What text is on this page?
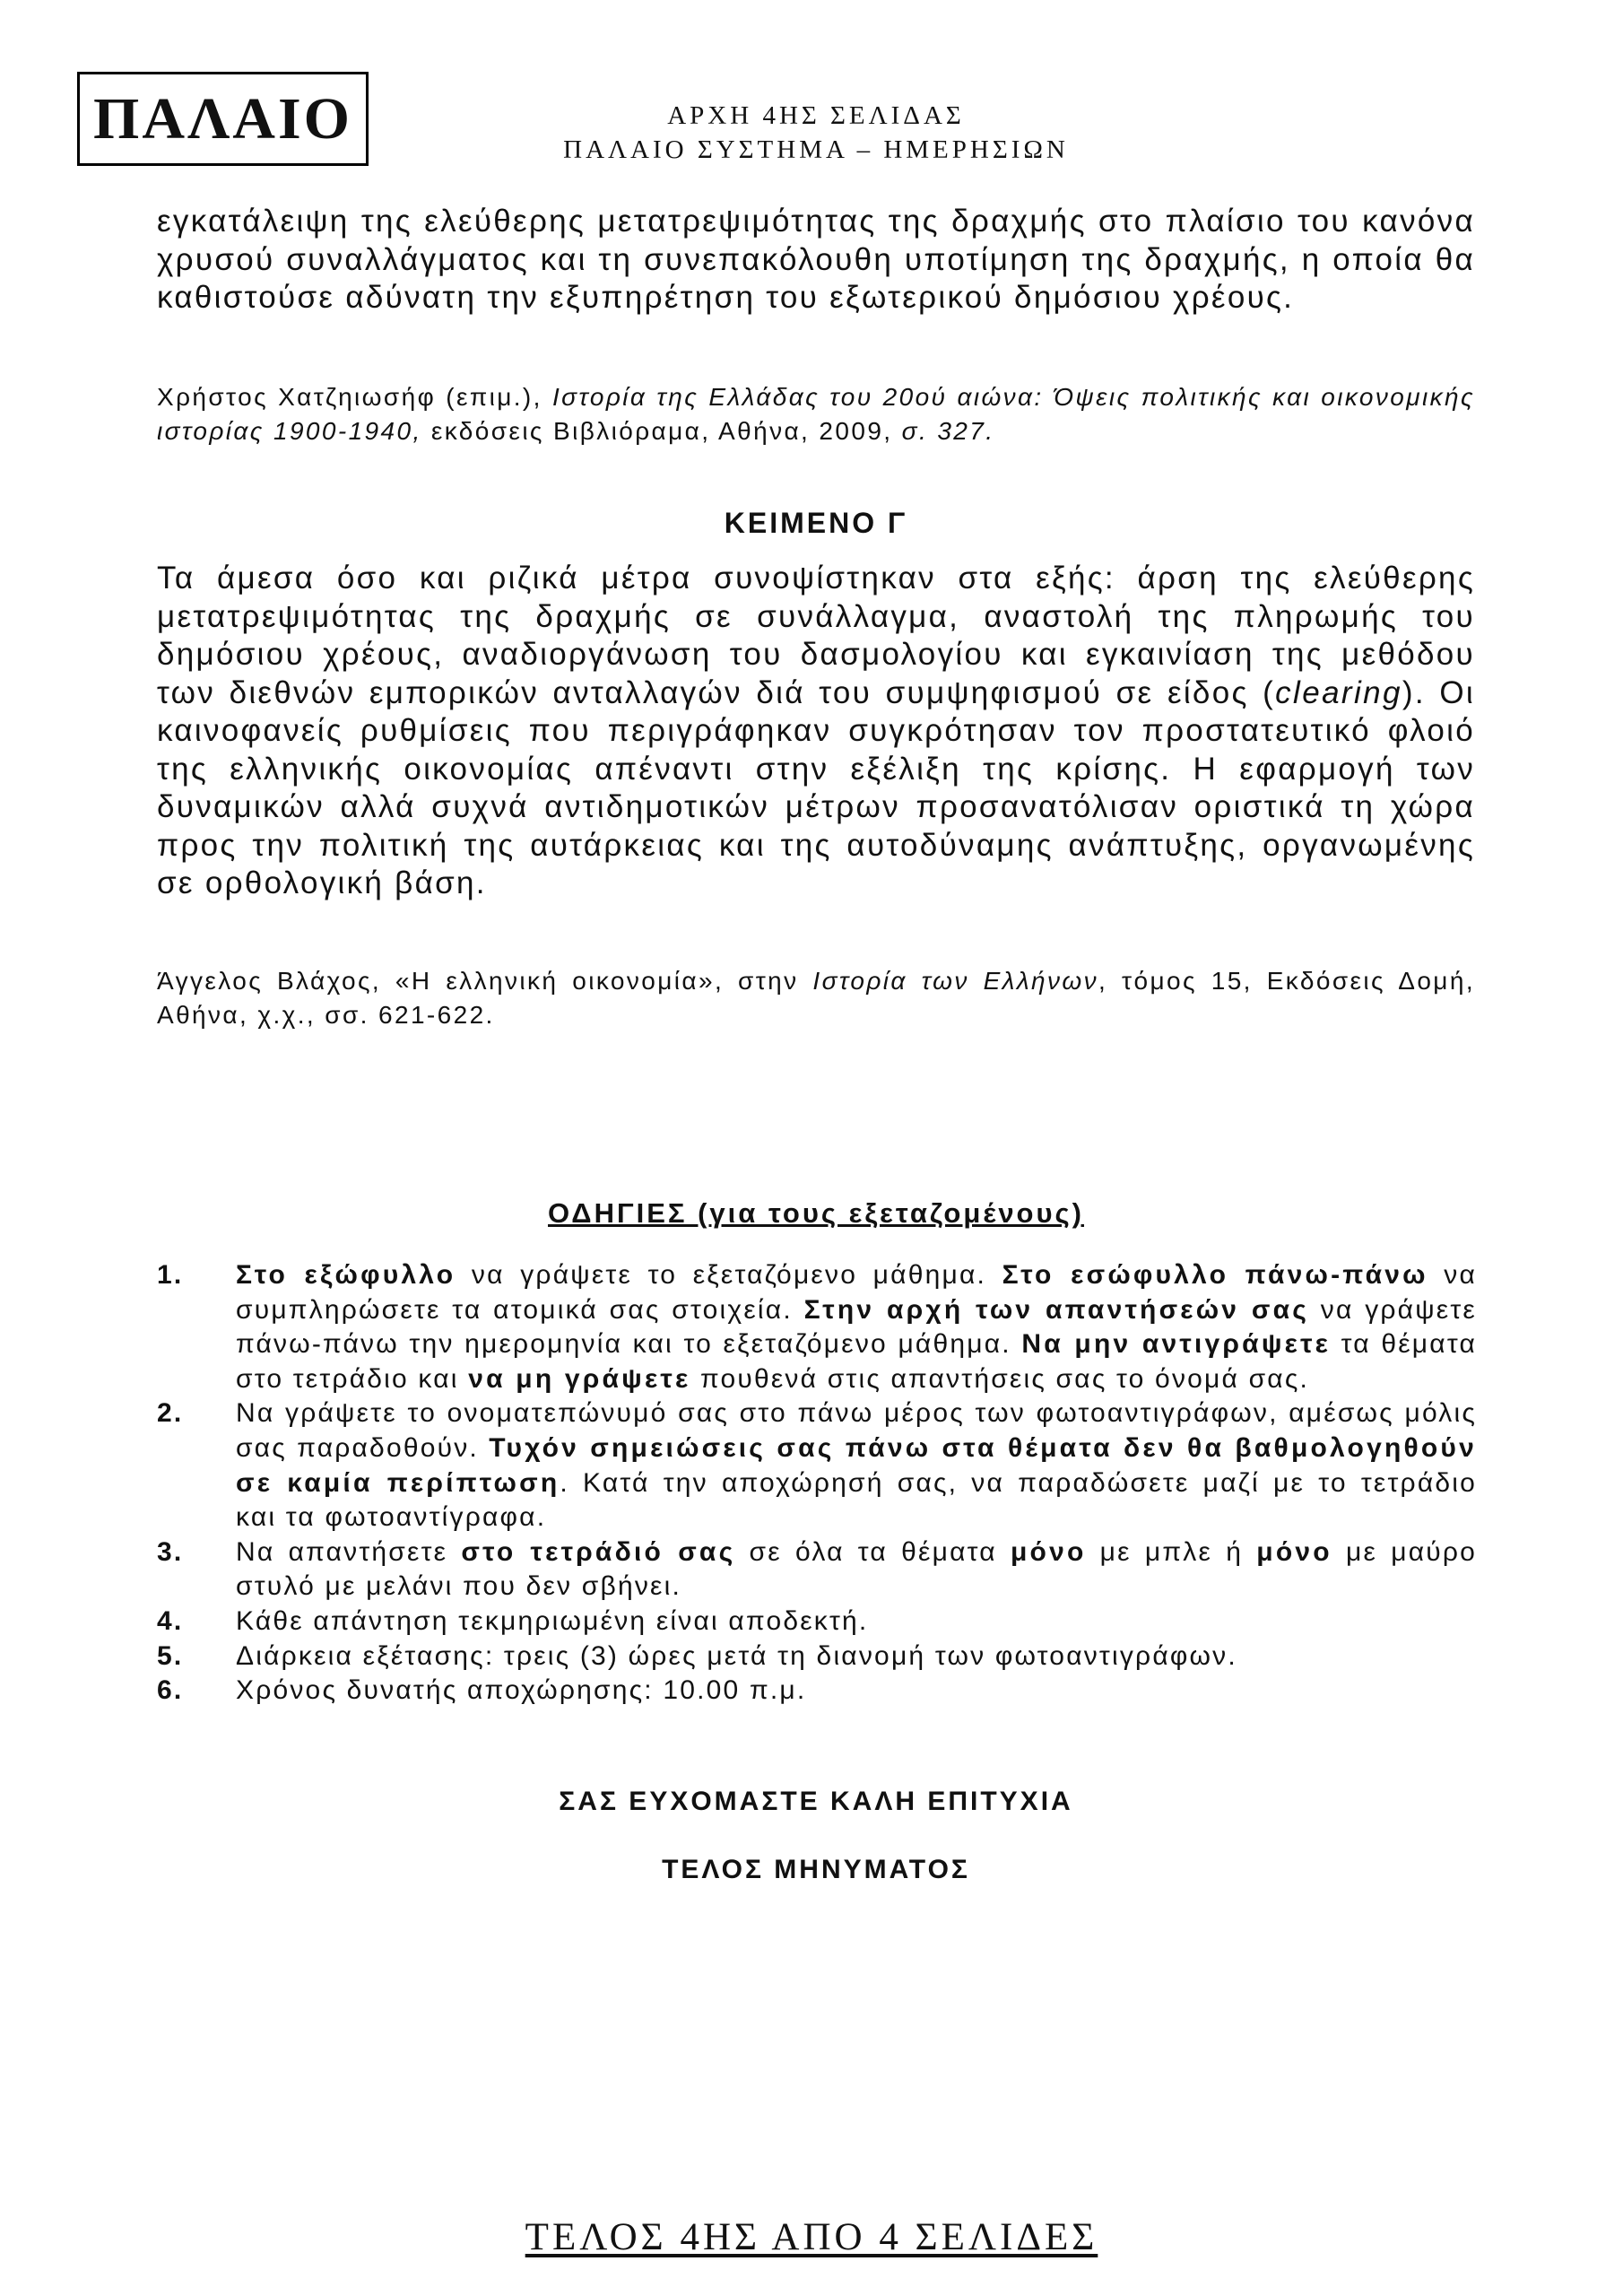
ΠΑΛΑΙΟ	ΑΡΧΗ 4ΗΣ ΣΕΛΙΔΑΣ
ΠΑΛΑΙΟ ΣΥΣΤΗΜΑ – ΗΜΕΡΗΣΙΩΝ

εγκατάλειψη της ελεύθερης μετατρεψιμότητας της δραχμής στο πλαίσιο του κανόνα χρυσού συναλλάγματος και τη συνεπακόλουθη υποτίμηση της δραχμής, η οποία θα καθιστούσε αδύνατη την εξυπηρέτηση του εξωτερικού δημόσιου χρέους.

Χρήστος Χατζηιωσήφ (επιμ.), Ιστορία της Ελλάδας του 20ού αιώνα: Όψεις πολιτικής και οικονομικής ιστορίας 1900-1940, εκδόσεις Βιβλιόραμα, Αθήνα, 2009, σ. 327.

ΚΕΙΜΕΝΟ Γ

Τα άμεσα όσο και ριζικά μέτρα συνοψίστηκαν στα εξής: άρση της ελεύθερης μετατρεψιμότητας της δραχμής σε συνάλλαγμα, αναστολή της πληρωμής του δημόσιου χρέους, αναδιοργάνωση του δασμολογίου και εγκαινίαση της μεθόδου των διεθνών εμπορικών ανταλλαγών διά του συμψηφισμού σε είδος (clearing). Οι καινοφανείς ρυθμίσεις που περιγράφηκαν συγκρότησαν τον προστατευτικό φλοιό της ελληνικής οικονομίας απέναντι στην εξέλιξη της κρίσης. Η εφαρμογή των δυναμικών αλλά συχνά αντιδημοτικών μέτρων προσανατόλισαν οριστικά τη χώρα προς την πολιτική της αυτάρκειας και της αυτοδύναμης ανάπτυξης, οργανωμένης σε ορθολογική βάση.

Άγγελος Βλάχος, «Η ελληνική οικονομία», στην Ιστορία των Ελλήνων, τόμος 15, Εκδόσεις Δομή, Αθήνα, χ.χ., σσ. 621-622.

ΟΔΗΓΙΕΣ (για τους εξεταζομένους)
1. Στο εξώφυλλο να γράψετε το εξεταζόμενο μάθημα. Στο εσώφυλλο πάνω-πάνω να συμπληρώσετε τα ατομικά σας στοιχεία. Στην αρχή των απαντήσεών σας να γράψετε πάνω-πάνω την ημερομηνία και το εξεταζόμενο μάθημα. Να μην αντιγράψετε τα θέματα στο τετράδιο και να μη γράψετε πουθενά στις απαντήσεις σας το όνομά σας.
2. Να γράψετε το ονοματεπώνυμό σας στο πάνω μέρος των φωτοαντιγράφων, αμέσως μόλις σας παραδοθούν. Τυχόν σημειώσεις σας πάνω στα θέματα δεν θα βαθμολογηθούν σε καμία περίπτωση. Κατά την αποχώρησή σας, να παραδώσετε μαζί με το τετράδιο και τα φωτοαντίγραφα.
3. Να απαντήσετε στο τετράδιό σας σε όλα τα θέματα μόνο με μπλε ή μόνο με μαύρο στυλό με μελάνι που δεν σβήνει.
4. Κάθε απάντηση τεκμηριωμένη είναι αποδεκτή.
5. Διάρκεια εξέτασης: τρεις (3) ώρες μετά τη διανομή των φωτοαντιγράφων.
6. Χρόνος δυνατής αποχώρησης: 10.00 π.μ.
ΣΑΣ ΕΥΧΟΜΑΣΤΕ ΚΑΛΗ ΕΠΙΤΥΧΙΑ
ΤΕΛΟΣ ΜΗΝΥΜΑΤΟΣ
ΤΕΛΟΣ 4ΗΣ ΑΠΟ 4 ΣΕΛΙΔΕΣ
